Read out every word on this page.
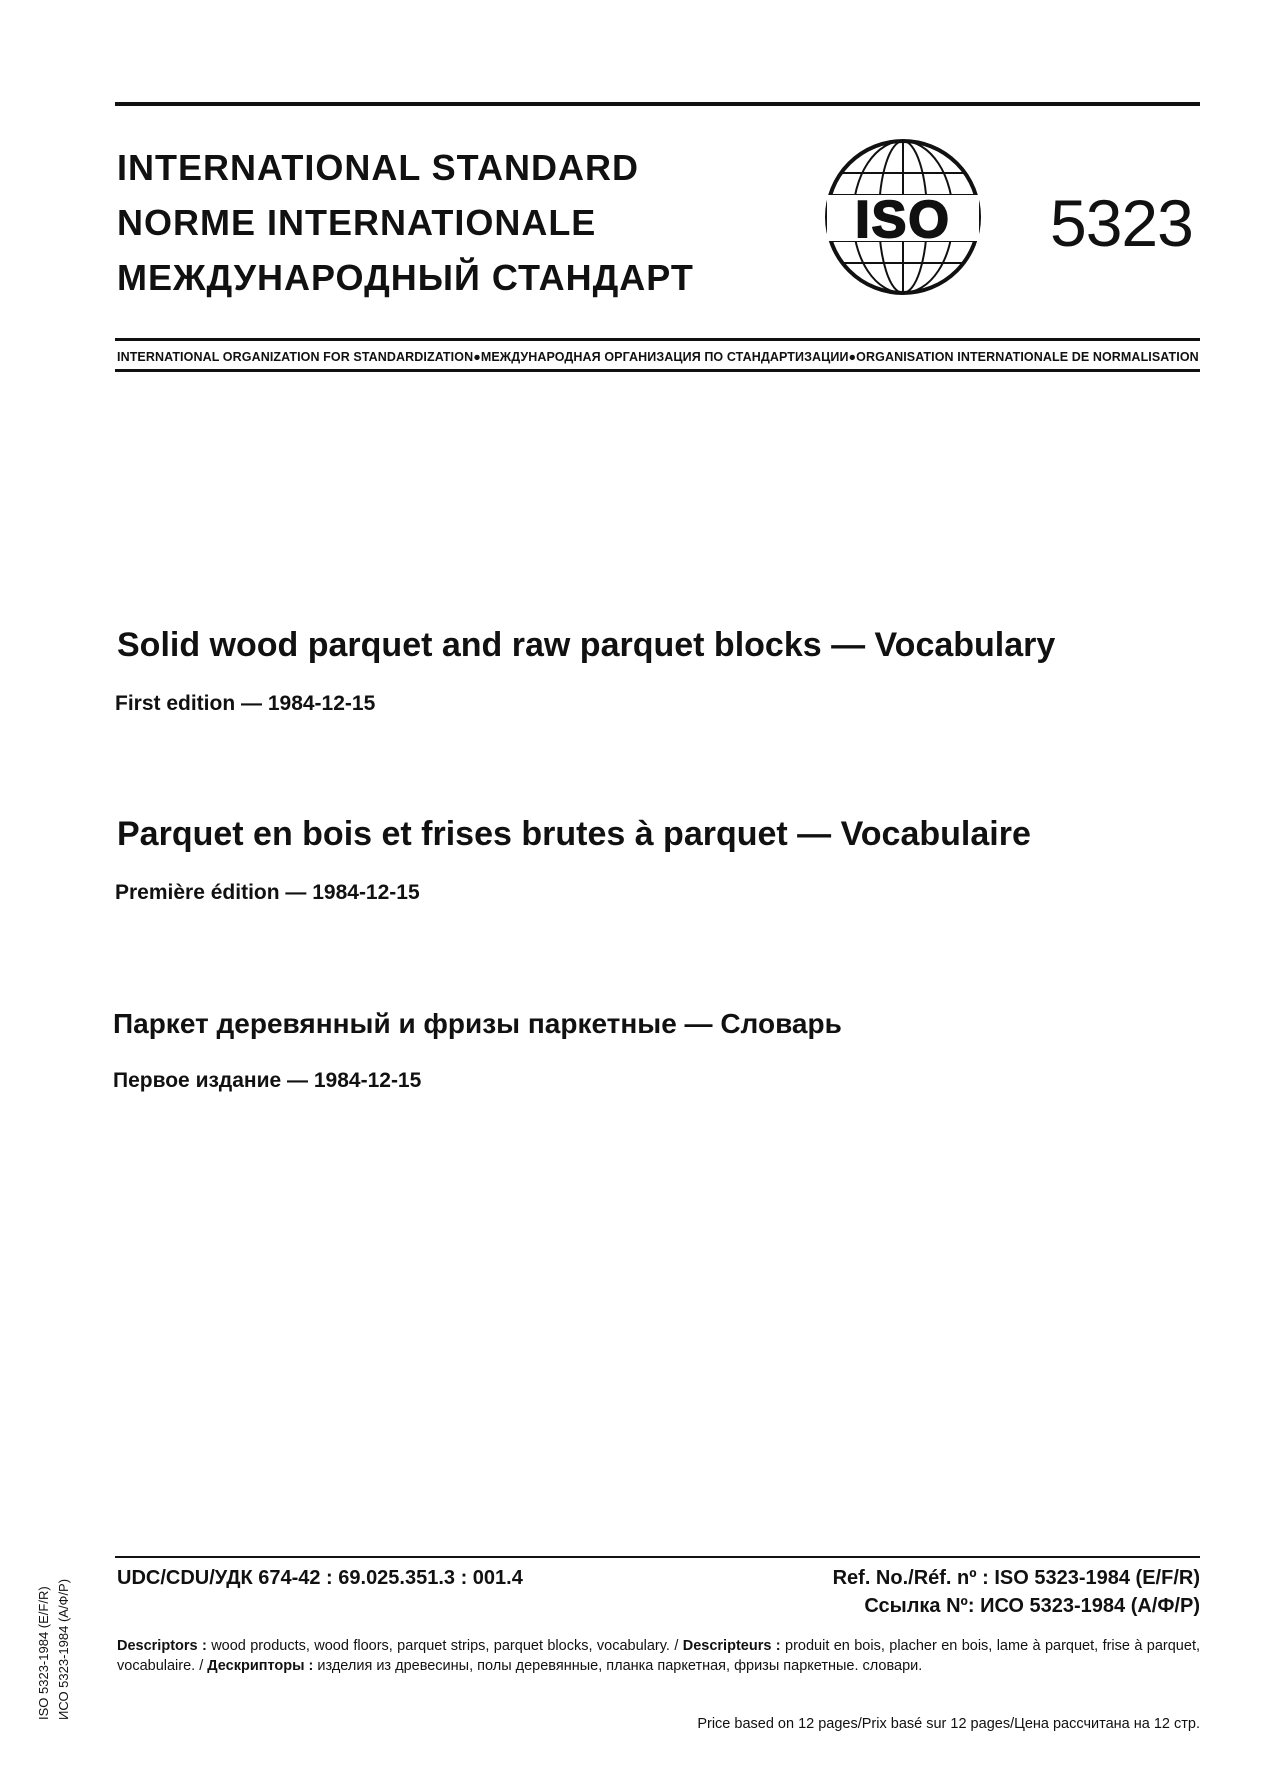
INTERNATIONAL STANDARD
NORME INTERNATIONALE
МЕЖДУНАРОДНЫЙ СТАНДАРТ
ISO 5323
INTERNATIONAL ORGANIZATION FOR STANDARDIZATION●МЕЖДУНАРОДНАЯ ОРГАНИЗАЦИЯ ПО СТАНДАРТИЗАЦИИ●ORGANISATION INTERNATIONALE DE NORMALISATION
Solid wood parquet and raw parquet blocks — Vocabulary
First edition — 1984-12-15
Parquet en bois et frises brutes à parquet — Vocabulaire
Première édition — 1984-12-15
Паркет деревянный и фризы паркетные — Словарь
Первое издание — 1984-12-15
UDC/CDU/УДК 674-42 : 69.025.351.3 : 001.4	Ref. No./Réf. nº : ISO 5323-1984 (E/F/R)
Ссылка Nº: ИСО 5323-1984 (А/Ф/Р)
Descriptors : wood products, wood floors, parquet strips, parquet blocks, vocabulary. / Descripteurs : produit en bois, placher en bois, lame à parquet, frise à parquet, vocabulaire. / Дескрипторы : изделия из древесины, полы деревянные, планка паркетная, фризы паркетные. словари.
Price based on 12 pages/Prix basé sur 12 pages/Цена рассчитана на 12 стр.
ISO 5323-1984 (E/F/R) ИСО 5323-1984 (А/Ф/Р)
